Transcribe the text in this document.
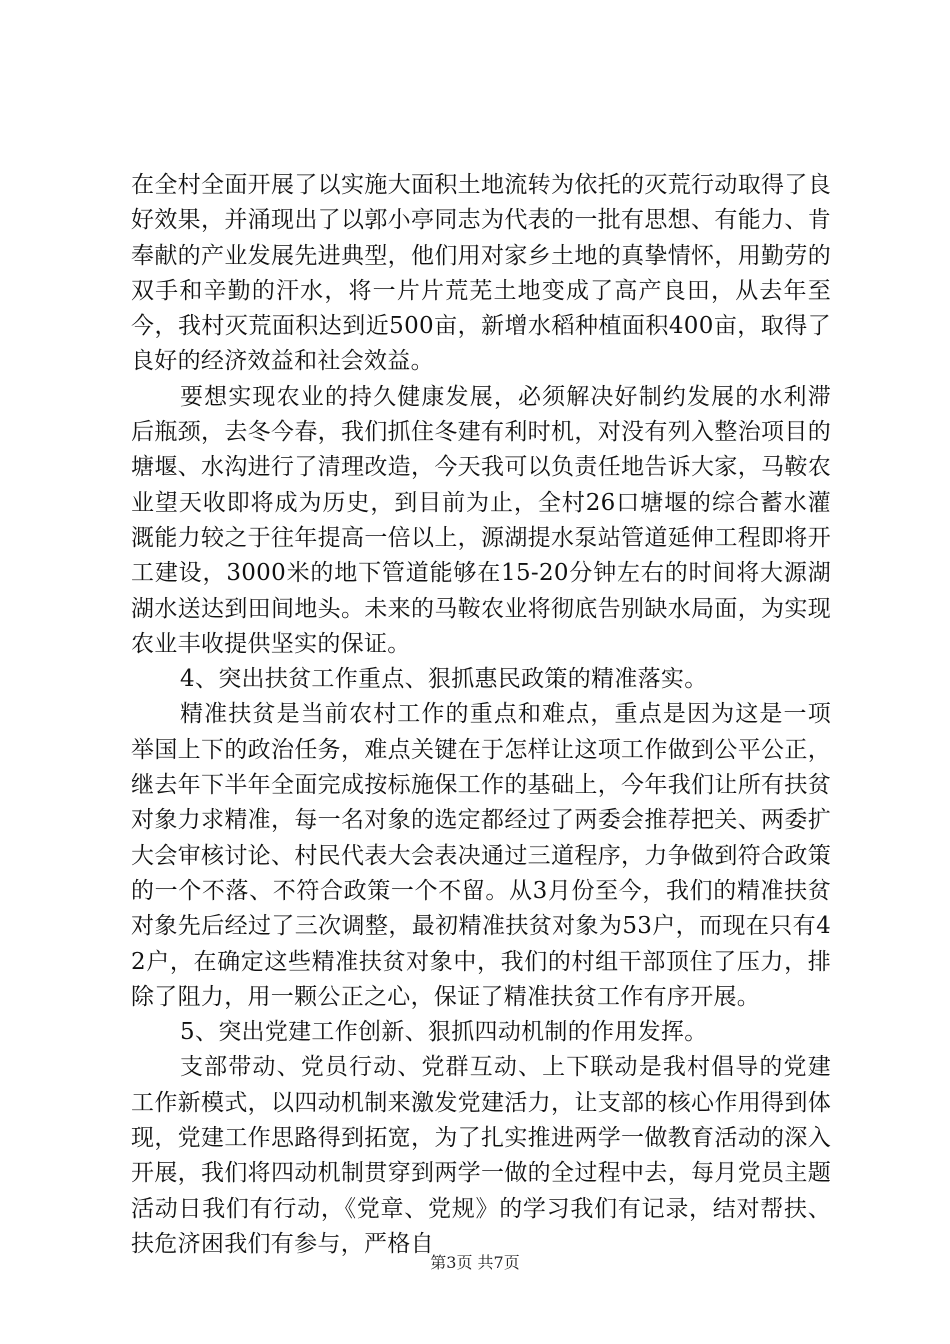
在全村全面开展了以实施大面积土地流转为依托的灭荒行动取得了良好效果，并涌现出了以郭小亭同志为代表的一批有思想、有能力、肯奉献的产业发展先进典型，他们用对家乡土地的真挚情怀，用勤劳的双手和辛勤的汗水，将一片片荒芜土地变成了高产良田，从去年至今，我村灭荒面积达到近500亩，新增水稻种植面积400亩，取得了良好的经济效益和社会效益。

要想实现农业的持久健康发展，必须解决好制约发展的水利滞后瓶颈，去冬今春，我们抓住冬建有利时机，对没有列入整治项目的塘堰、水沟进行了清理改造，今天我可以负责任地告诉大家，马鞍农业望天收即将成为历史，到目前为止，全村26口塘堰的综合蓄水灌溉能力较之于往年提高一倍以上，源湖提水泵站管道延伸工程即将开工建设，3000米的地下管道能够在15-20分钟左右的时间将大源湖湖水送达到田间地头。未来的马鞍农业将彻底告别缺水局面，为实现农业丰收提供坚实的保证。

4、突出扶贫工作重点、狠抓惠民政策的精准落实。

精准扶贫是当前农村工作的重点和难点，重点是因为这是一项举国上下的政治任务，难点关键在于怎样让这项工作做到公平公正，继去年下半年全面完成按标施保工作的基础上，今年我们让所有扶贫对象力求精准，每一名对象的选定都经过了两委会推荐把关、两委扩大会审核讨论、村民代表大会表决通过三道程序，力争做到符合政策的一个不落、不符合政策一个不留。从3月份至今，我们的精准扶贫对象先后经过了三次调整，最初精准扶贫对象为53户，而现在只有42户，在确定这些精准扶贫对象中，我们的村组干部顶住了压力，排除了阻力，用一颗公正之心，保证了精准扶贫工作有序开展。

5、突出党建工作创新、狠抓四动机制的作用发挥。

支部带动、党员行动、党群互动、上下联动是我村倡导的党建工作新模式，以四动机制来激发党建活力，让支部的核心作用得到体现，党建工作思路得到拓宽，为了扎实推进两学一做教育活动的深入开展，我们将四动机制贯穿到两学一做的全过程中去，每月党员主题活动日我们有行动，《党章、党规》的学习我们有记录，结对帮扶、扶危济困我们有参与，严格自

第3页 共7页
